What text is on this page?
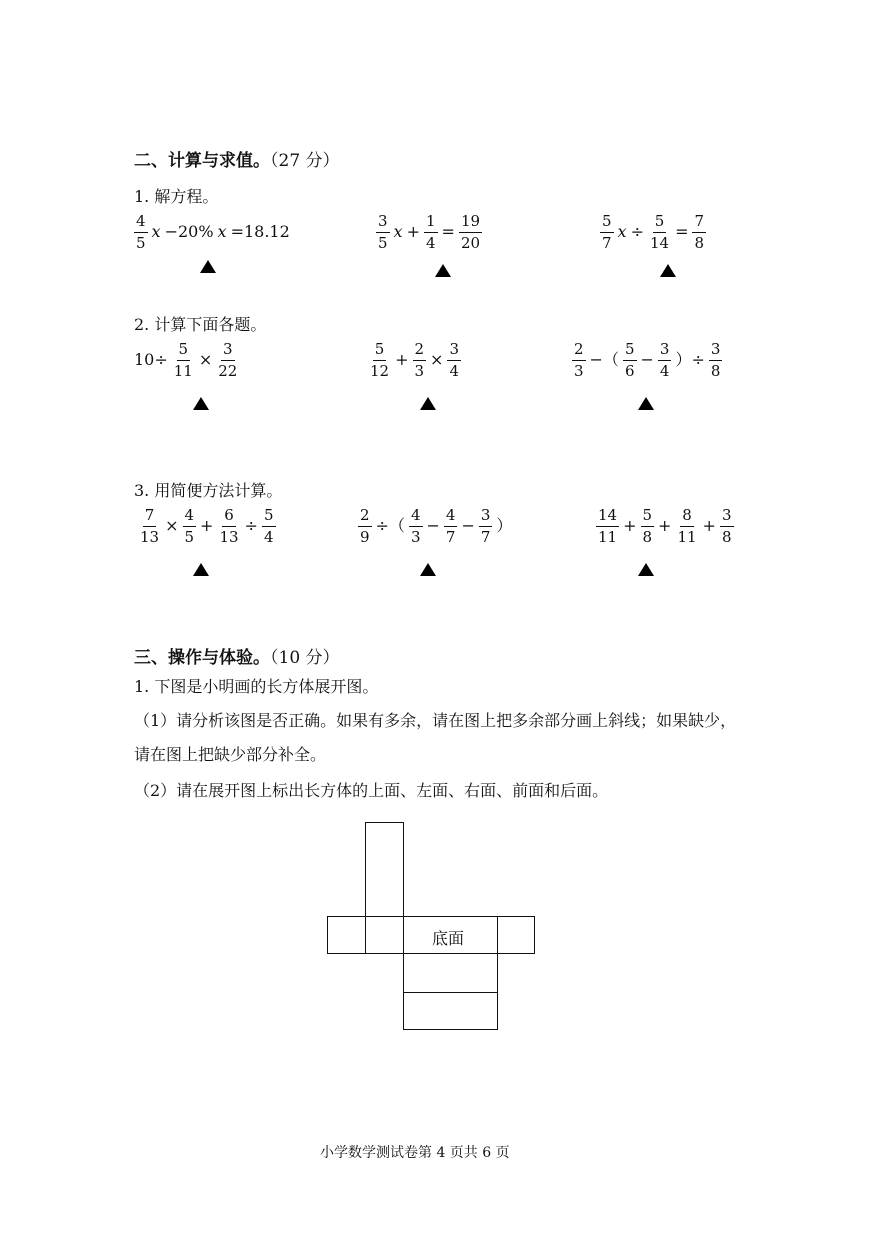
二、计算与求值。（27 分）
1. 解方程。
$\frac{4}{5}$ x −20% x =18.12	$\frac{3}{5}$ $x + \frac{1}{4} = \frac{19}{20}$	$\frac{5}{7}$ $x \div \frac{5}{14} = \frac{7}{8}$
2. 计算下面各题。
$10\div \frac{5}{11} \times \frac{3}{22}$	$\frac{5}{12} + \frac{2}{3} \times \frac{3}{4}$	$\frac{2}{3}$ −（ $\frac{5}{6} - \frac{3}{4}$ ）÷ $\frac{3}{8}$
3. 用简便方法计算。
$\frac{7}{13} \times \frac{4}{5} + \frac{6}{13} \div \frac{5}{4}$	$\frac{2}{9}$ ÷（ $\frac{4}{3} - \frac{4}{7} - \frac{3}{7}$ ）	$\frac{14}{11} + \frac{5}{8} + \frac{8}{11} + \frac{3}{8}$
三、操作与体验。（10 分）
1. 下图是小明画的长方体展开图。
（1）请分析该图是否正确。如果有多余，请在图上把多余部分画上斜线；如果缺少，
请在图上把缺少部分补全。
（2）请在展开图上标出长方体的上面、左面、右面、前面和后面。
底面
小学数学测试卷第 4 页共 6 页
